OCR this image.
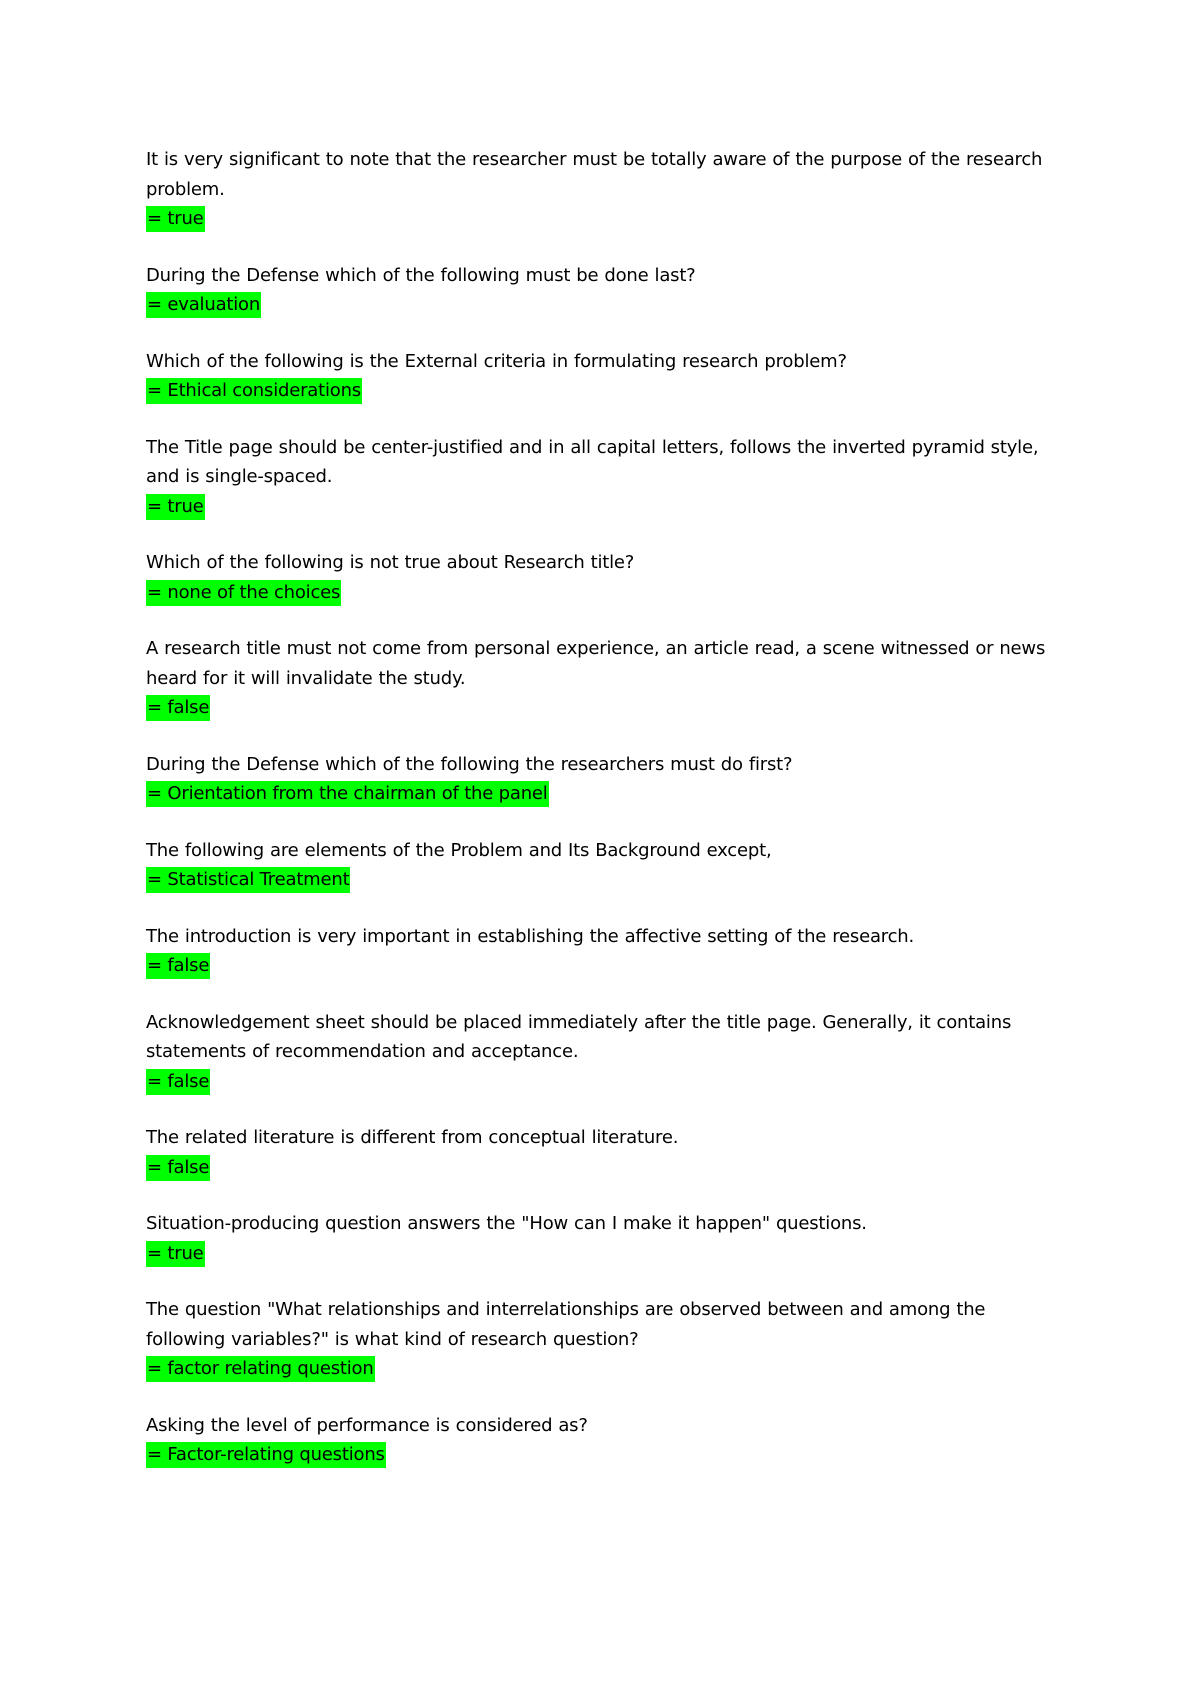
It is very significant to note that the researcher must be totally aware of the purpose of the research problem.

= true

During the Defense which of the following must be done last?

= evaluation

Which of the following is the External criteria in formulating research problem?

= Ethical considerations

The Title page should be center-justified and in all capital letters, follows the inverted pyramid style, and is single-spaced.

= true

Which of the following is not true about Research title?

= none of the choices

A research title must not come from personal experience, an article read, a scene witnessed or news heard for it will invalidate the study.

= false

During the Defense which of the following the researchers must do first?

= Orientation from the chairman of the panel

The following are elements of the Problem and Its Background except,

= Statistical Treatment

The introduction is very important in establishing the affective setting of the research.

= false

Acknowledgement sheet should be placed immediately after the title page. Generally, it contains statements of recommendation and acceptance.

= false

The related literature is different from conceptual literature.

= false

Situation-producing question answers the "How can I make it happen" questions.

= true

The question "What relationships and interrelationships are observed between and among the following variables?" is what kind of research question?

= factor relating question

Asking the level of performance is considered as?

= Factor-relating questions
